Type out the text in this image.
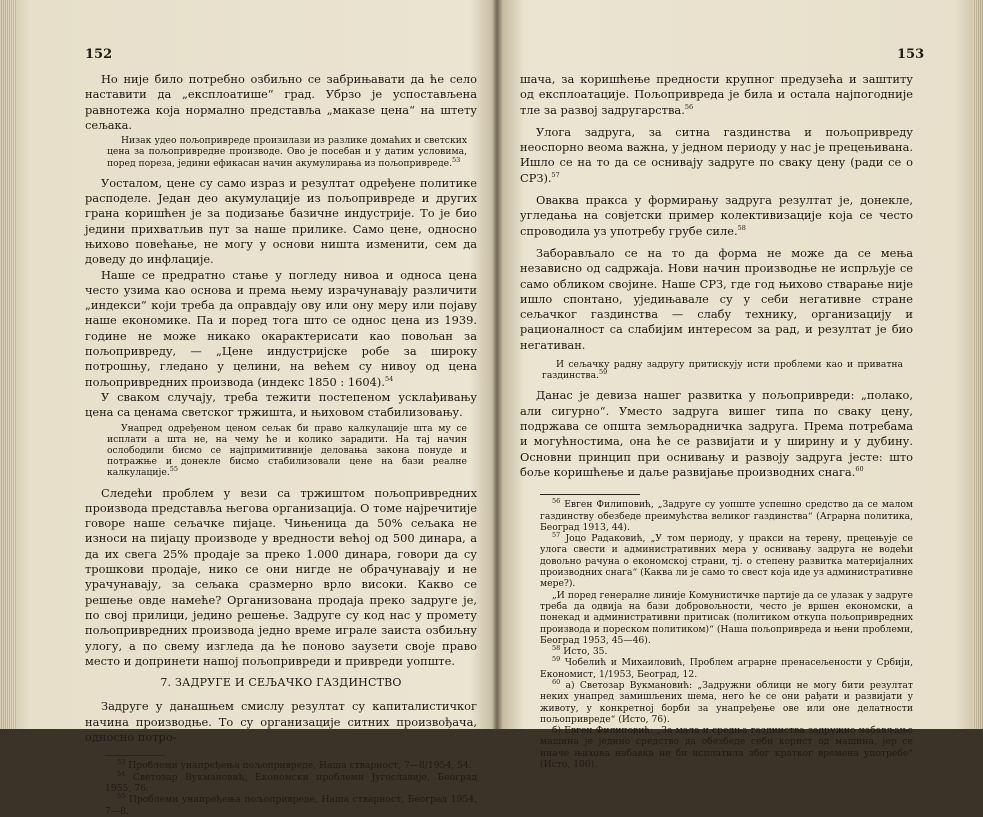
152	153

Но није било потребно озбиљно се забрињавати да ће село наставити да „експлоатише“ град. Убрзо је успостављена равнотежа која нормално представља „маказе цена“ на штету сељака.

Низак удео пољопривреде произилази из разлике домаћих и светских цена за пољопривредне производе. Ово је посебан и у датим условима, поред пореза, једини ефикасан начин акумулирања из пољопривреде.$^{53}$

Уосталом, цене су само израз и резултат одређене политике расподеле. Један део акумулације из пољопривреде и других грана коришћен је за подизање базичне индустрије. То је био једини прихватљив пут за наше прилике. Само цене, односно њихово повећање, не могу у основи ништа изменити, сем да доведу до инфлације.

Наше се предратно стање у погледу нивоа и односа цена често узима као основа и према њему израчунавају различити „индекси“ који треба да оправдају ову или ону меру или појаву наше економике. Па и поред тога што се однос цена из 1939. године не може никако окарактерисати као повољан за пољопривреду, — „Цене индустријске робе за широку потрошњу, гледано у целини, на већем су нивоу од цена пољопривредних производа (индекс 1850 : 1604).$^{54}$

У сваком случају, треба тежити постепеном усклађивању цена са ценама светског тржишта, и њиховом стабилизовању.

Унапред одређеном ценом сељак би право калкулације шта му се исплати а шта не, на чему ће и колико зарадити. На тај начин ослободили бисмо се најпримитивније деловања закона понуде и потражње и донекле бисмо стабилизовали цене на бази реалне калкулације.$^{55}$

Следећи проблем у вези са тржиштом пољопривредних производа представља његова организација. О томе најречитије говоре наше сељачке пијаце. Чињеница да 50% сељака не износи на пијацу производе у вредности већој од 500 динара, а да их свега 25% продаје за преко 1.000 динара, говори да су трошкови продаје, нико се они нигде не обрачунавају и не урачунавају, за сељака сразмерно врло високи. Какво се решење овде намеће? Организована продаја преко задруге је, по свој прилици, једино решење. Задруге су код нас у промету пољопривредних производа једно време играле заиста озбиљну улогу, а по свему изгледа да ће поново заузети своје право место и допринети нашој пољопривреди и привреди уопште.

7. ЗАДРУГЕ И СЕЉАЧКО ГАЗДИНСТВО

Задруге у данашњем смислу резултат су капиталистичког начина производње. То су организације ситних произвођача, односно потро-

$^{53}$ Проблеми унапређења пољопривреде, Наша стварност, 7—8/1954, 54.

$^{54}$ Светозар Вукмановић, Економски проблеми Југославије, Београд 1955, 76.

$^{55}$ Проблеми унапређења пољопривреде, Наша стварност, Београд 1954, 7—8.

шача, за коришћење предности крупног предузећа и заштиту од експлоатације. Пољопривреда је била и остала најпогодније тле за развој задругарства.$^{56}$

Улога задруга, за ситна газдинства и пољопривреду неоспорно веома важна, у једном периоду у нас је прецењивана. Ишло се на то да се оснивају задруге по сваку цену (ради се о СРЗ).$^{57}$

Оваква пракса у формирању задруга резултат је, донекле, угледања на совјетски пример колективизације која се често спроводила уз употребу грубе силе.$^{58}$

Заборављало се на то да форма не може да се мења независно од садржаја. Нови начин производње не испрљује се само обликом својине. Наше СРЗ, где год њихово стварање није ишло спонтано, уједињавале су у себи негативне стране сељачког газдинства — слабу технику, организацију и рационалност са слабијим интересом за рад, и резултат је био негативан.

И сељачку радну задругу притискују исти проблеми као и приватна газдинства.$^{59}$

Данас је девиза нашег развитка у пољопривреди: „полако, али сигурно“. Уместо задруга вишег типа по сваку цену, подржава се општа земљорадничка задруга. Према потребама и могућностима, она ће се развијати и у ширину и у дубину. Основни принцип при оснивању и развоју задруга јесте: што боље коришћење и даље развијање производних снага.$^{60}$

$^{56}$ Евген Филиповић, „Задруге су уопште успешно средство да се малом газдинству обезбеде преимућства великог газдинства“ (Аграрна политика, Београд 1913, 44).

$^{57}$ Јоцо Радаковић, „У том периоду, у пракси на терену, прецењује се улога свести и административних мера у оснивању задруга не водећи довољно рачуна о економској страни, тј. о степену развитка материјалних производних снага“ (Каква ли је само то свест која иде уз административне мере?).

„И поред генералне линије Комунистичке партије да се улазак у задруге треба да одвија на бази добровољности, често је вршен економски, а понекад и административни притисак (политиком откупа пољопривредних производа и пореском политиком)“ (Наша пољопривреда и њени проблеми, Београд 1953, 45—46).

$^{58}$ Исто, 35.

$^{59}$ Чобелић и Михаиловић, Проблем аграрне пренасељености у Србији, Економист, 1/1953, Београд, 12.

$^{60}$ а) Светозар Вукмановић: „Задружни облици не могу бити резултат неких унапред замишљених шема, него ће се они рађати и развијати у животу, у конкретној борби за унапређење ове или оне делатности пољопривреде“ (Исто, 76).

б) Евген Филиповић: „За мала и средња газдинства задружно набављање машина је једино средство да обезбеде себи корист од машина, јер се иначе њихова набавка не би исплатила због кратког времена употребе“ (Исто, 100).
